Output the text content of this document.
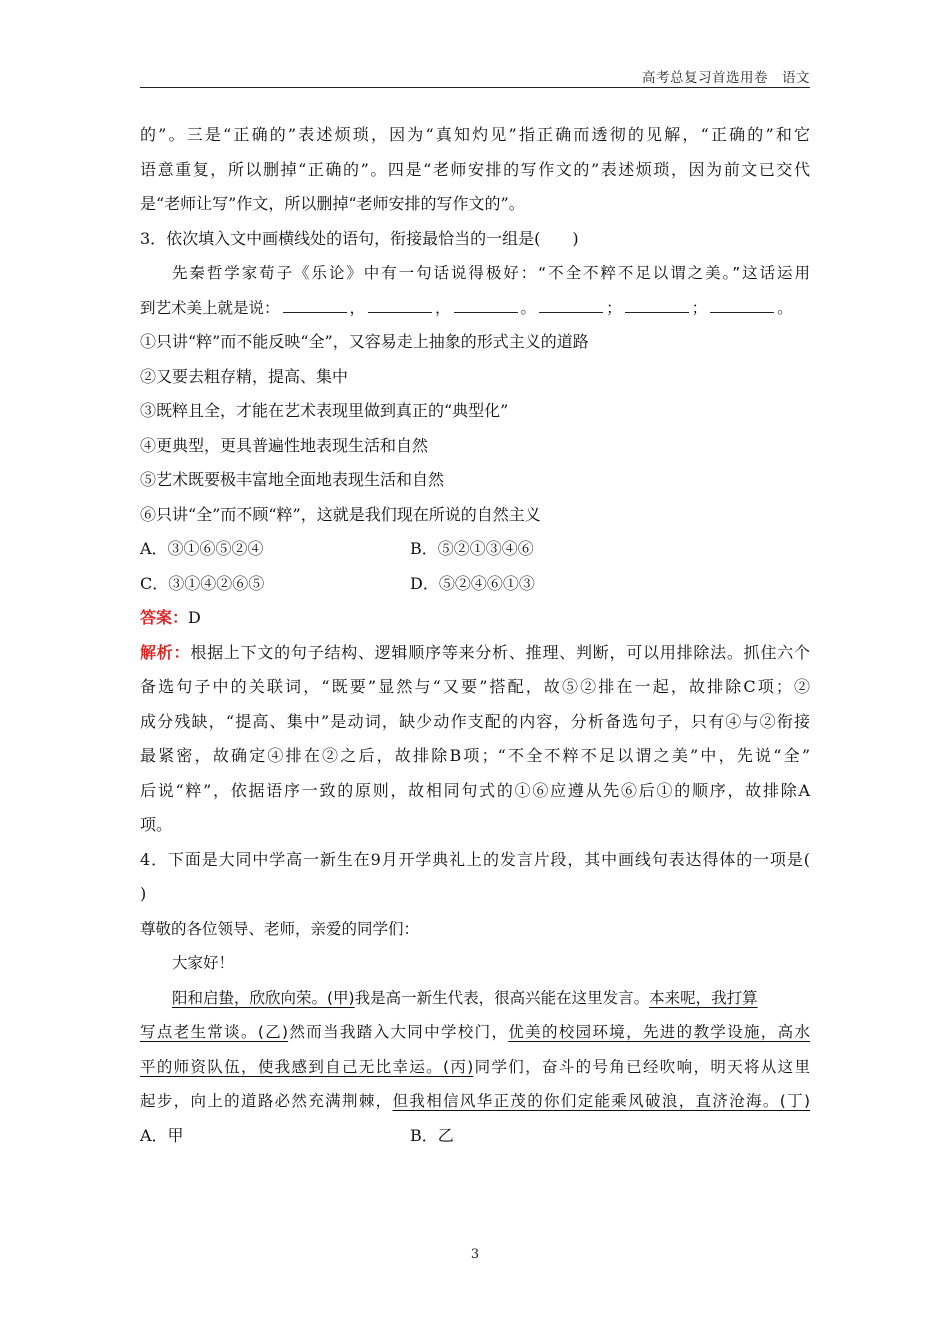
高考总复习首选用卷　语文
的”。三是“正确的”表述烦琐，因为“真知灼见”指正确而透彻的见解，“正确的”和它
语意重复，所以删掉“正确的”。四是“老师安排的写作文的”表述烦琐，因为前文已交代
是“老师让写”作文，所以删掉“老师安排的写作文的”。
3．依次填入文中画横线处的语句，衔接最恰当的一组是(　　)
先秦哲学家荀子《乐论》中有一句话说得极好：“不全不粹不足以谓之美。”这话运用
到艺术美上就是说：	，	，	。	；	；	。
①只讲“粹”而不能反映“全”，又容易走上抽象的形式主义的道路
②又要去粗存精，提高、集中
③既粹且全，才能在艺术表现里做到真正的“典型化”
④更典型，更具普遍性地表现生活和自然
⑤艺术既要极丰富地全面地表现生活和自然
⑥只讲“全”而不顾“粹”，这就是我们现在所说的自然主义
A．③①⑥⑤②④	B．⑤②①③④⑥
C．③①④②⑥⑤	D．⑤②④⑥①③
答案：D
解析：根据上下文的句子结构、逻辑顺序等来分析、推理、判断，可以用排除法。抓住六个
备选句子中的关联词，“既要”显然与“又要”搭配，故⑤②排在一起，故排除C项；②
成分残缺，“提高、集中”是动词，缺少动作支配的内容，分析备选句子，只有④与②衔接
最紧密，故确定④排在②之后，故排除B项；“不全不粹不足以谓之美”中，先说“全”
后说“粹”，依据语序一致的原则，故相同句式的①⑥应遵从先⑥后①的顺序，故排除A
项。
4．下面是大同中学高一新生在9月开学典礼上的发言片段，其中画线句表达得体的一项是(
)
尊敬的各位领导、老师，亲爱的同学们：
大家好！
阳和启蛰，欣欣向荣。(甲)我是高一新生代表，很高兴能在这里发言。本来呢，我打算
写点老生常谈。(乙)然而当我踏入大同中学校门，优美的校园环境，先进的教学设施，高水
平的师资队伍，使我感到自己无比幸运。(丙)同学们，奋斗的号角已经吹响，明天将从这里
起步，向上的道路必然充满荆棘，但我相信风华正茂的你们定能乘风破浪，直济沧海。(丁)
A．甲	B．乙
3
